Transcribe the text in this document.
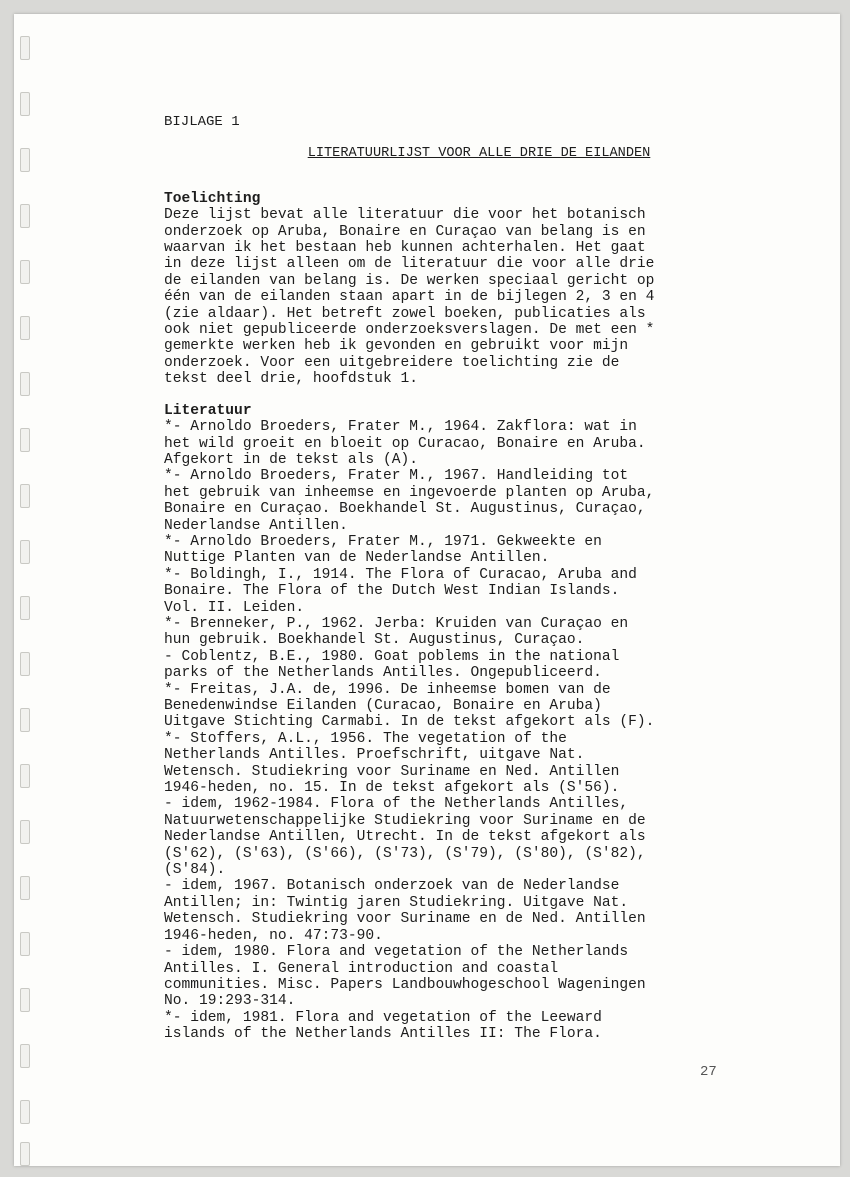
BIJLAGE 1

LITERATUURLIJST VOOR ALLE DRIE DE EILANDEN

Toelichting

Deze lijst bevat alle literatuur die voor het botanisch
onderzoek op Aruba, Bonaire en Curaçao van belang is en
waarvan ik het bestaan heb kunnen achterhalen. Het gaat
in deze lijst alleen om de literatuur die voor alle drie
de eilanden van belang is. De werken speciaal gericht op
één van de eilanden staan apart in de bijlegen 2, 3 en 4
(zie aldaar). Het betreft zowel boeken, publicaties als
ook niet gepubliceerde onderzoeksverslagen. De met een *
gemerkte werken heb ik gevonden en gebruikt voor mijn
onderzoek. Voor een uitgebreidere toelichting zie de
tekst deel drie, hoofdstuk 1.

Literatuur

*- Arnoldo Broeders, Frater M., 1964. Zakflora: wat in
het wild groeit en bloeit op Curacao, Bonaire en Aruba.
Afgekort in de tekst als (A).
*- Arnoldo Broeders, Frater M., 1967. Handleiding tot
het gebruik van inheemse en ingevoerde planten op Aruba,
Bonaire en Curaçao. Boekhandel St. Augustinus, Curaçao,
Nederlandse Antillen.
*- Arnoldo Broeders, Frater M., 1971. Gekweekte en
Nuttige Planten van de Nederlandse Antillen.
*- Boldingh, I., 1914. The Flora of Curacao, Aruba and
Bonaire. The Flora of the Dutch West Indian Islands.
Vol. II. Leiden.
*- Brenneker, P., 1962. Jerba: Kruiden van Curaçao en
hun gebruik. Boekhandel St. Augustinus, Curaçao.
- Coblentz, B.E., 1980. Goat poblems in the national
parks of the Netherlands Antilles. Ongepubliceerd.
*- Freitas, J.A. de, 1996. De inheemse bomen van de
Benedenwindse Eilanden (Curacao, Bonaire en Aruba)
Uitgave Stichting Carmabi. In de tekst afgekort als (F).
*- Stoffers, A.L., 1956. The vegetation of the
Netherlands Antilles. Proefschrift, uitgave Nat.
Wetensch. Studiekring voor Suriname en Ned. Antillen
1946-heden, no. 15. In de tekst afgekort als (S'56).
- idem, 1962-1984. Flora of the Netherlands Antilles,
Natuurwetenschappelijke Studiekring voor Suriname en de
Nederlandse Antillen, Utrecht. In de tekst afgekort als
(S'62), (S'63), (S'66), (S'73), (S'79), (S'80), (S'82),
(S'84).
- idem, 1967. Botanisch onderzoek van de Nederlandse
Antillen; in: Twintig jaren Studiekring. Uitgave Nat.
Wetensch. Studiekring voor Suriname en de Ned. Antillen
1946-heden, no. 47:73-90.
- idem, 1980. Flora and vegetation of the Netherlands
Antilles. I. General introduction and coastal
communities. Misc. Papers Landbouwhogeschool Wageningen
No. 19:293-314.
*- idem, 1981. Flora and vegetation of the Leeward
islands of the Netherlands Antilles II: The Flora.
27
